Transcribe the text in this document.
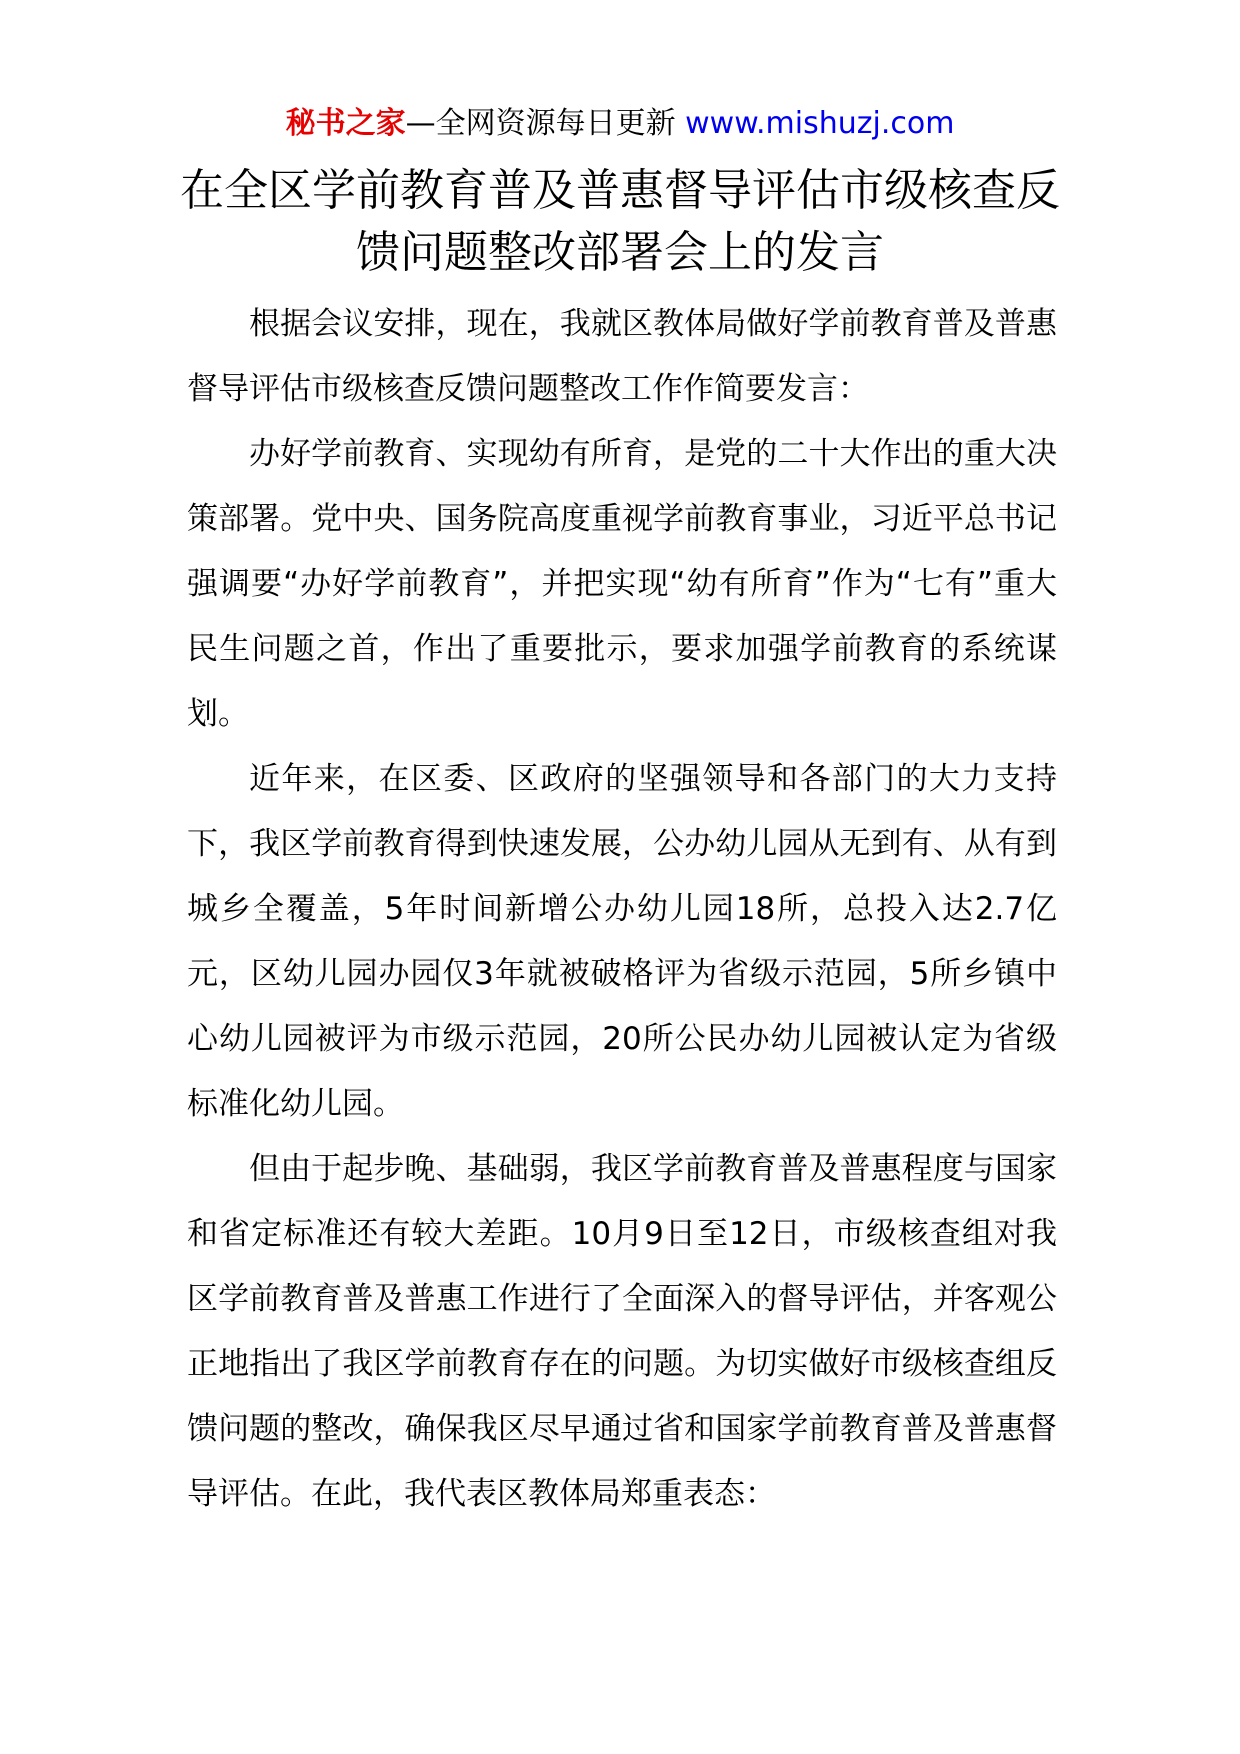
秘书之家—全网资源每日更新 www.mishuzj.com
在全区学前教育普及普惠督导评估市级核查反馈问题整改部署会上的发言

根据会议安排，现在，我就区教体局做好学前教育普及普惠督导评估市级核查反馈问题整改工作作简要发言：

办好学前教育、实现幼有所育，是党的二十大作出的重大决策部署。党中央、国务院高度重视学前教育事业，习近平总书记强调要“办好学前教育”，并把实现“幼有所育”作为“七有”重大民生问题之首，作出了重要批示，要求加强学前教育的系统谋划。

近年来，在区委、区政府的坚强领导和各部门的大力支持下，我区学前教育得到快速发展，公办幼儿园从无到有、从有到城乡全覆盖，5年时间新增公办幼儿园18所，总投入达2.7亿元，区幼儿园办园仅3年就被破格评为省级示范园，5所乡镇中心幼儿园被评为市级示范园，20所公民办幼儿园被认定为省级标准化幼儿园。

但由于起步晚、基础弱，我区学前教育普及普惠程度与国家和省定标准还有较大差距。10月9日至12日，市级核查组对我区学前教育普及普惠工作进行了全面深入的督导评估，并客观公正地指出了我区学前教育存在的问题。为切实做好市级核查组反馈问题的整改，确保我区尽早通过省和国家学前教育普及普惠督导评估。在此，我代表区教体局郑重表态：
